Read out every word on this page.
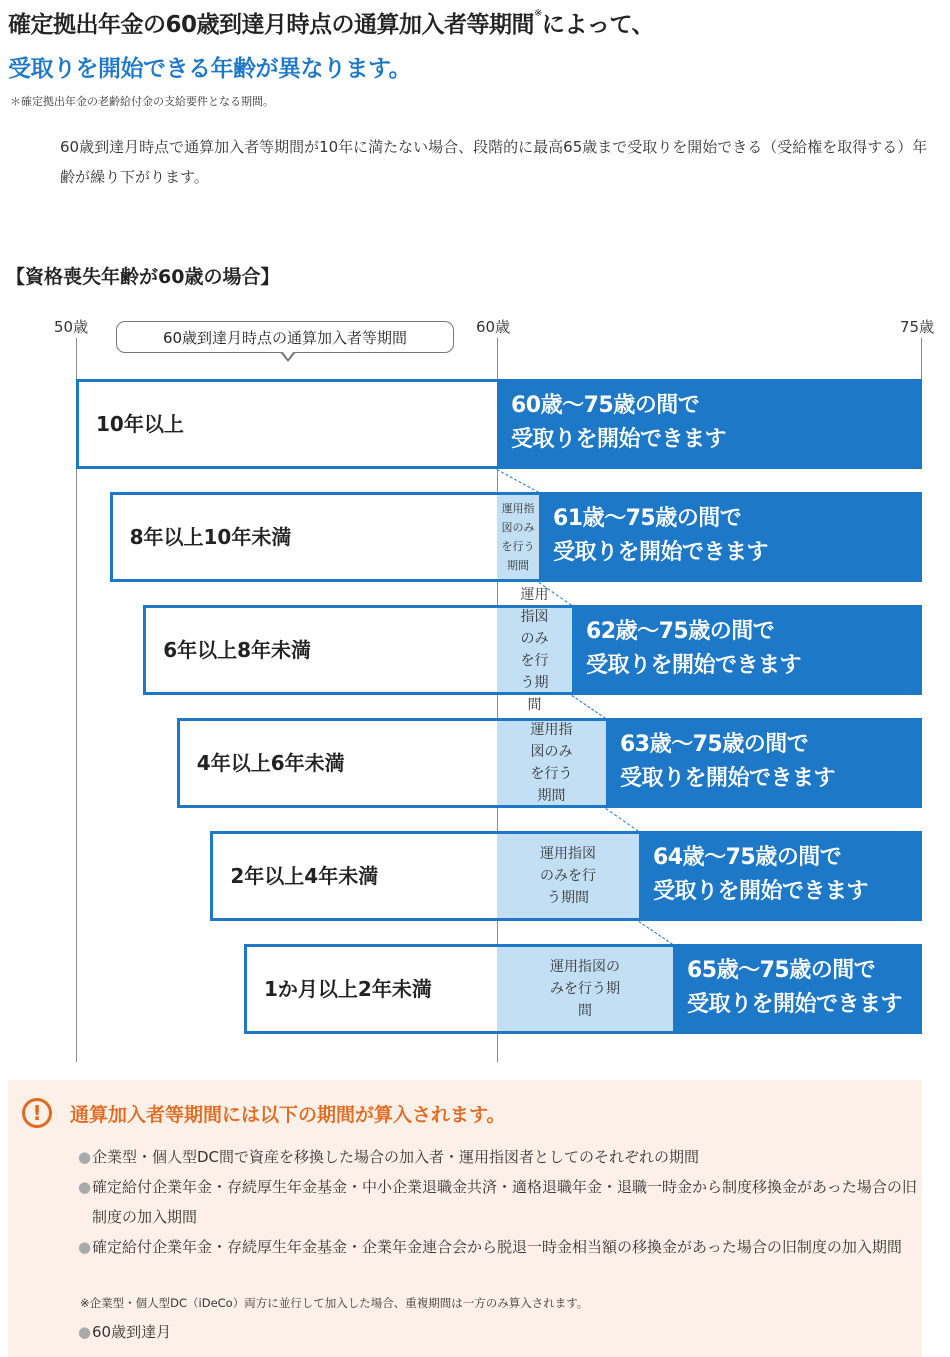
確定拠出年金の60歳到達月時点の通算加入者等期間※によって、
受取りを開始できる年齢が異なります。
＊確定拠出年金の老齢給付金の支給要件となる期間。
60歳到達月時点で通算加入者等期間が10年に満たない場合、段階的に最高65歳まで受取りを開始できる（受給権を取得する）年齢が繰り下がります。
【資格喪失年齢が60歳の場合】
50歳	60歳	75歳
60歳到達月時点の通算加入者等期間
10年以上
60歳～75歳の間で
受取りを開始できます
8年以上10年未満
運用指図のみを行う期間
61歳～75歳の間で
受取りを開始できます
6年以上8年未満
運用指図のみを行う期間
62歳～75歳の間で
受取りを開始できます
4年以上6年未満
運用指図のみを行う期間
63歳～75歳の間で
受取りを開始できます
2年以上4年未満
運用指図のみを行う期間
64歳～75歳の間で
受取りを開始できます
1か月以上2年未満
運用指図のみを行う期間
65歳～75歳の間で
受取りを開始できます
!	通算加入者等期間には以下の期間が算入されます。
●企業型・個人型DC間で資産を移換した場合の加入者・運用指図者としてのそれぞれの期間
● 確定給付企業年金・存続厚生年金基金・中小企業退職金共済・適格退職年金・退職一時金から制度移換金があった場合の旧制度の加入期間
● 確定給付企業年金・存続厚生年金基金・企業年金連合会から脱退一時金相当額の移換金があった場合の旧制度の加入期間
※企業型・個人型DC（iDeCo）両方に並行して加入した場合、重複期間は一方のみ算入されます。
●60歳到達月
